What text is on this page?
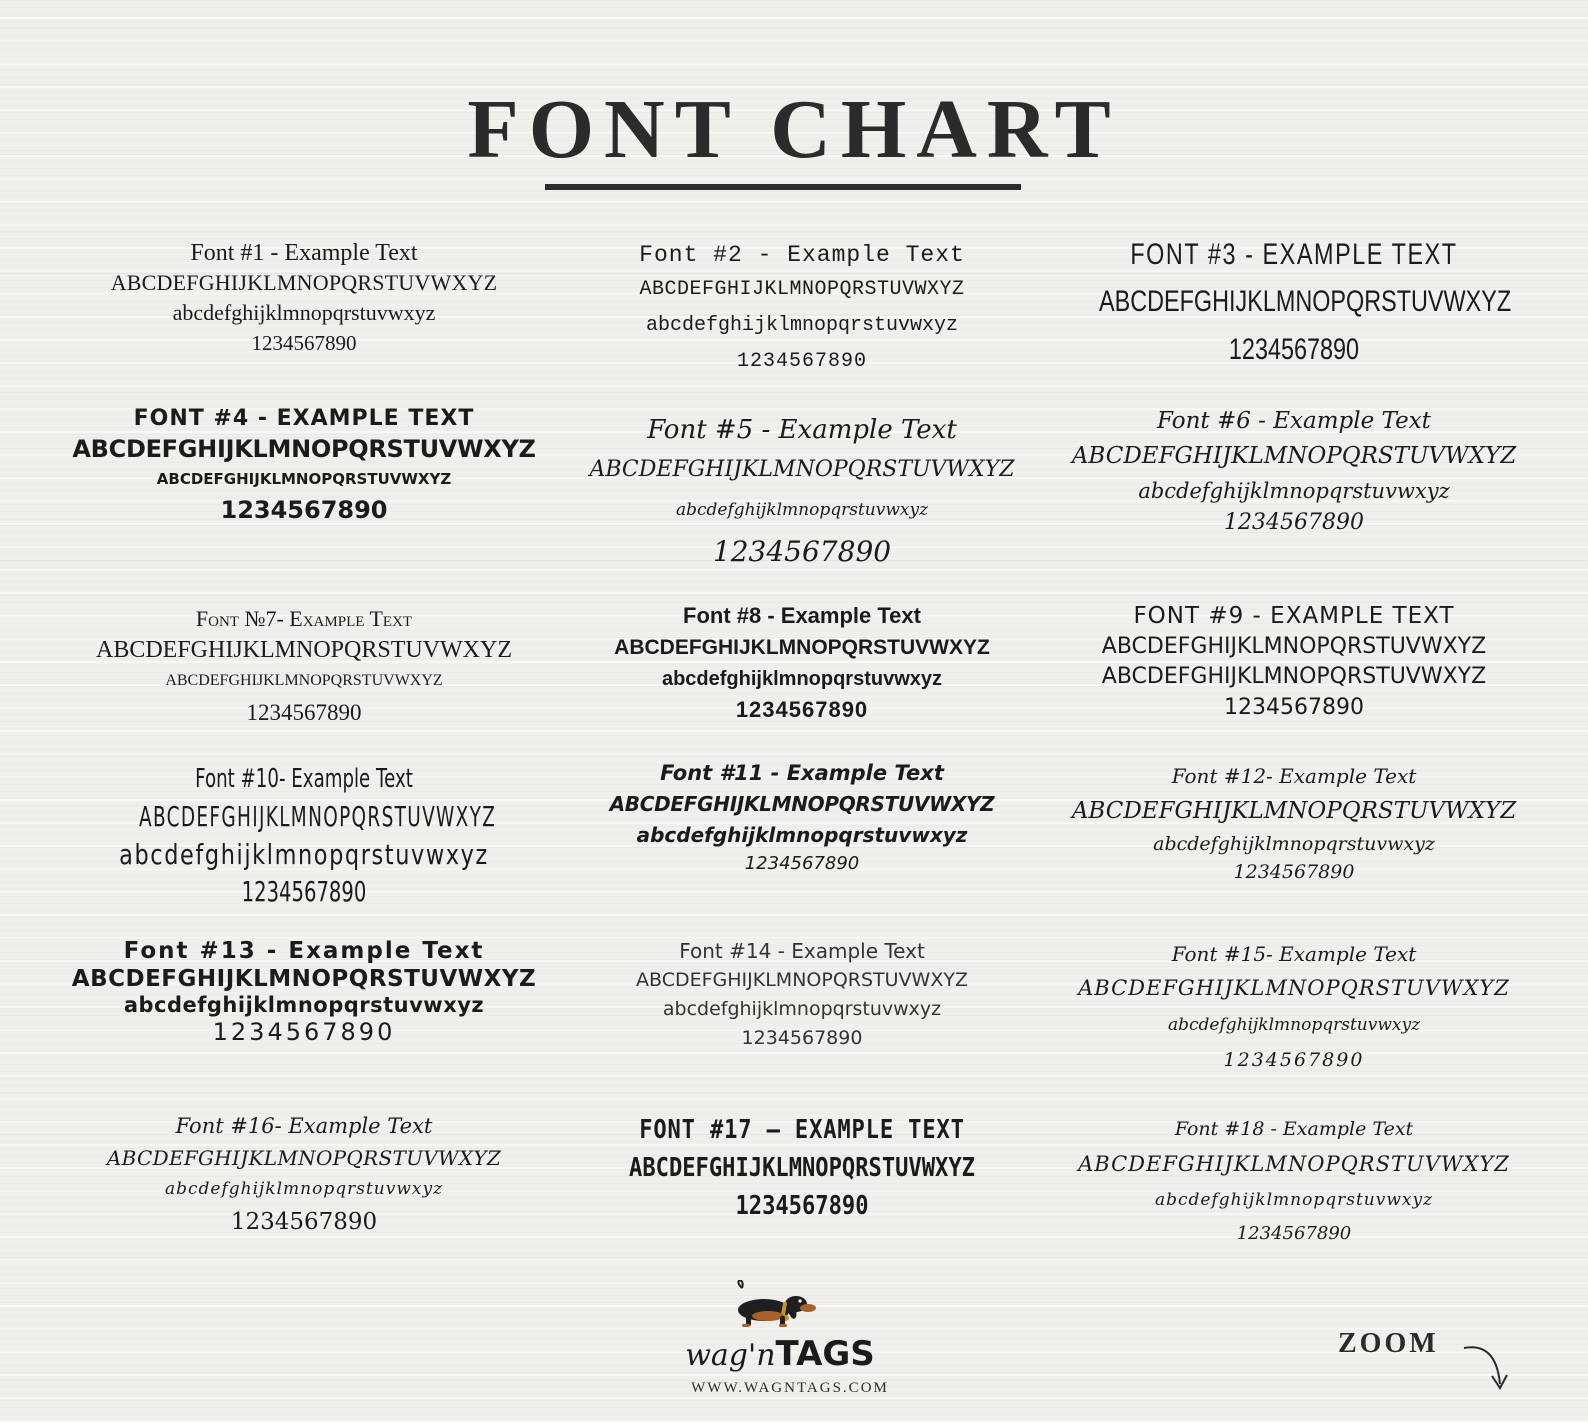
FONT CHART
Font #1 - Example Text
ABCDEFGHIJKLMNOPQRSTUVWXYZ
abcdefghijklmnopqrstuvwxyz
1234567890
Font #2 - Example Text
ABCDEFGHIJKLMNOPQRSTUVWXYZ
abcdefghijklmnopqrstuvwxyz
1234567890
FONT #3 - EXAMPLE TEXT
ABCDEFGHIJKLMNOPQRSTUVWXYZ
1234567890
FONT #4 - EXAMPLE TEXT
ABCDEFGHIJKLMNOPQRSTUVWXYZ
ABCDEFGHIJKLMNOPQRSTUVWXYZ
1234567890
Font #5 - Example Text
ABCDEFGHIJKLMNOPQRSTUVWXYZ
abcdefghijklmnopqrstuvwxyz
1234567890
Font #6 - Example Text
ABCDEFGHIJKLMNOPQRSTUVWXYZ
abcdefghijklmnopqrstuvwxyz
1234567890
Font №7- Example Text
ABCDEFGHIJKLMNOPQRSTUVWXYZ
ABCDEFGHIJKLMNOPQRSTUVWXYZ
1234567890
Font #8 - Example Text
ABCDEFGHIJKLMNOPQRSTUVWXYZ
abcdefghijklmnopqrstuvwxyz
1234567890
FONT #9 - EXAMPLE TEXT
ABCDEFGHIJKLMNOPQRSTUVWXYZ
ABCDEFGHIJKLMNOPQRSTUVWXYZ
1234567890
Font #10- Example Text
ABCDEFGHIJKLMNOPQRSTUVWXYZ
abcdefghijklmnopqrstuvwxyz
1234567890
Font #11 - Example Text
ABCDEFGHIJKLMNOPQRSTUVWXYZ
abcdefghijklmnopqrstuvwxyz
1234567890
Font #12- Example Text
ABCDEFGHIJKLMNOPQRSTUVWXYZ
abcdefghijklmnopqrstuvwxyz
1234567890
Font #13 - Example Text
ABCDEFGHIJKLMNOPQRSTUVWXYZ
abcdefghijklmnopqrstuvwxyz
1234567890
Font #14 - Example Text
ABCDEFGHIJKLMNOPQRSTUVWXYZ
abcdefghijklmnopqrstuvwxyz
1234567890
Font #15- Example Text
ABCDEFGHIJKLMNOPQRSTUVWXYZ
abcdefghijklmnopqrstuvwxyz
1234567890
Font #16- Example Text
ABCDEFGHIJKLMNOPQRSTUVWXYZ
abcdefghijklmnopqrstuvwxyz
1234567890
FONT #17 — EXAMPLE TEXT
ABCDEFGHIJKLMNOPQRSTUVWXYZ
1234567890
Font #18 - Example Text
ABCDEFGHIJKLMNOPQRSTUVWXYZ
abcdefghijklmnopqrstuvwxyz
1234567890
wag'nTAGS
WWW.WAGNTAGS.COM
ZOOM
